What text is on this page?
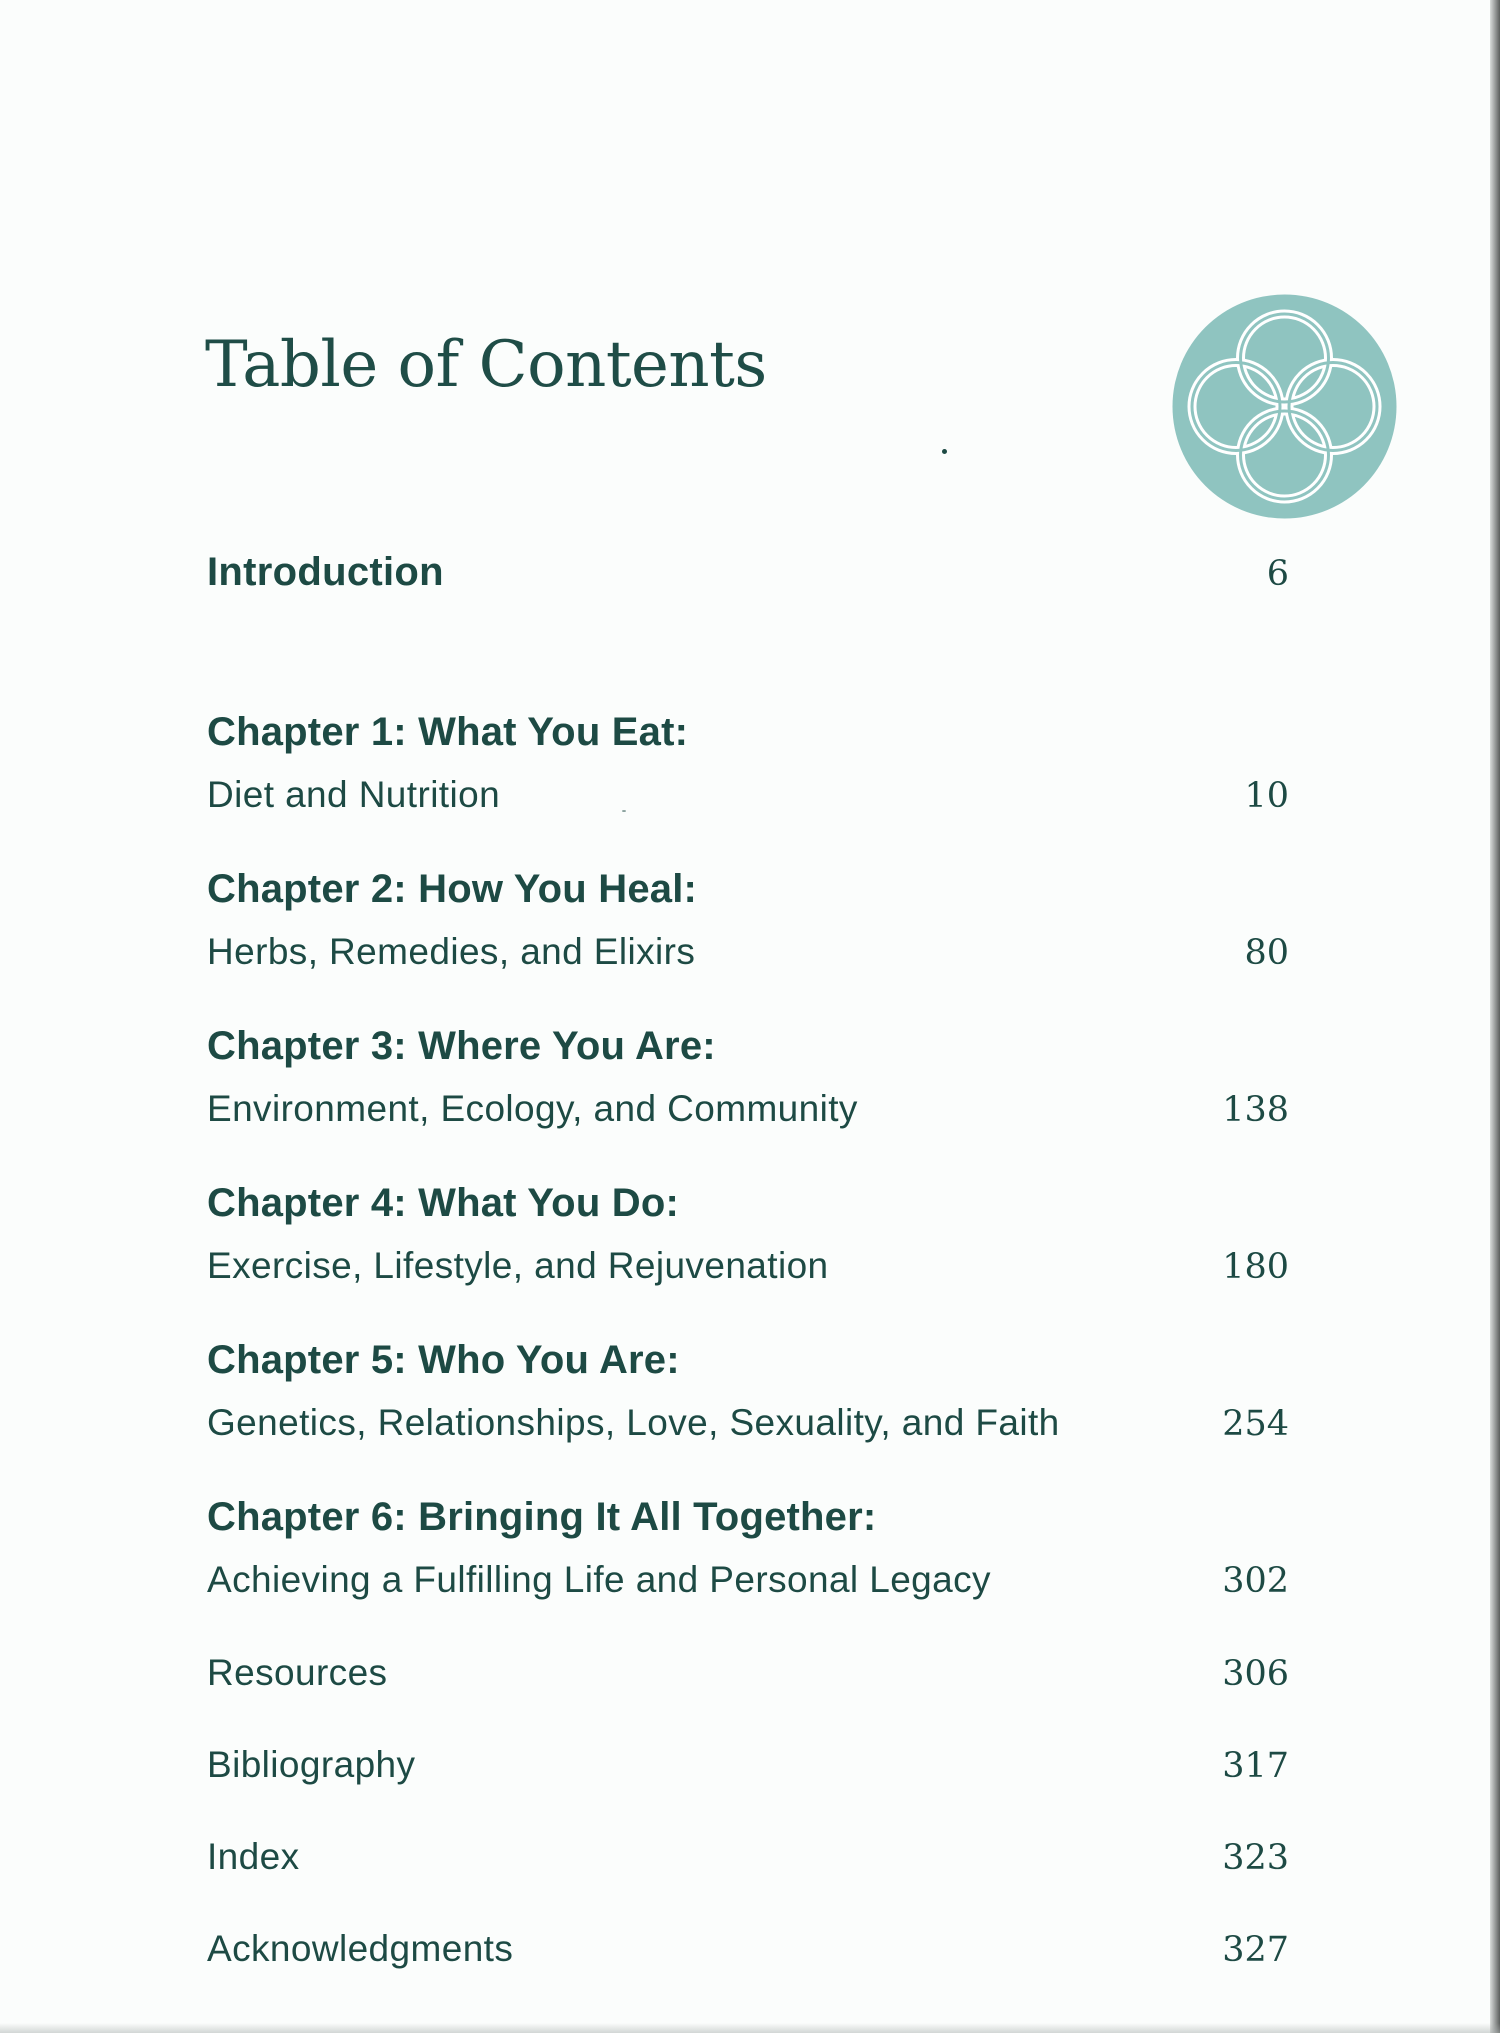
Table of Contents
Introduction	6
Chapter 1: What You Eat:
Diet and Nutrition	10
Chapter 2: How You Heal:
Herbs, Remedies, and Elixirs	80
Chapter 3: Where You Are:
Environment, Ecology, and Community	138
Chapter 4: What You Do:
Exercise, Lifestyle, and Rejuvenation	180
Chapter 5: Who You Are:
Genetics, Relationships, Love, Sexuality, and Faith	254
Chapter 6: Bringing It All Together:
Achieving a Fulfilling Life and Personal Legacy	302
Resources	306
Bibliography	317
Index	323
Acknowledgments	327
